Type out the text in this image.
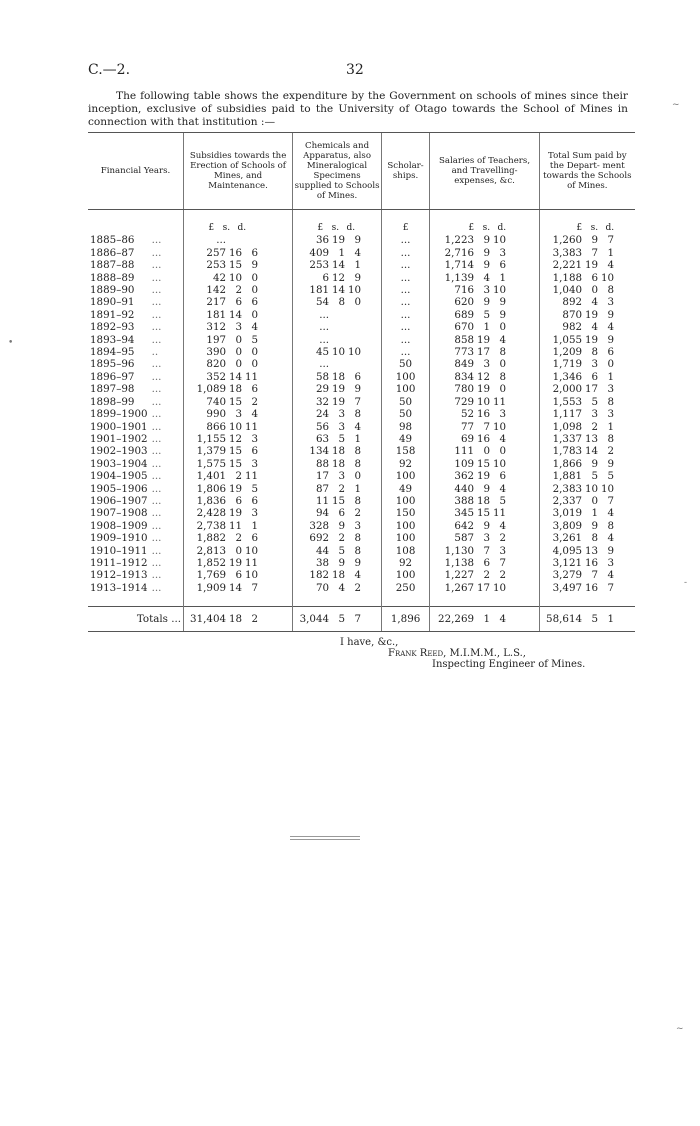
C.—2.	32

The following table shows the expenditure by the Government on schools of mines since their inception, exclusive of subsidies paid to the University of Otago towards the School of Mines in connection with that institution :—

Financial Years.		Subsidies towards the Erection of Schools of Mines, and Maintenance.	Chemicals and Apparatus, also Mineralogical Specimens supplied to Schools of Mines.	Scholar- ships.	Salaries of Teachers, and Travelling- expenses, &c.	Total Sum paid by the Depart- ment towards the Schools of Mines.

		£ s. d.	£ s. d.	£	£ s. d.	£ s. d.
1885–86	...	...	36 19 9	...	1,223 9 10	1,260 9 7
1886–87	...	257 16 6	409 1 4	...	2,716 9 3	3,383 7 1
1887–88	...	253 15 9	253 14 1	...	1,714 9 6	2,221 19 4
1888–89	...	42 10 0	6 12 9	...	1,139 4 1	1,188 6 10
1889–90	...	142 2 0	181 14 10	...	716 3 10	1,040 0 8
1890–91	...	217 6 6	54 8 0	...	620 9 9	892 4 3
1891–92	...	181 14 0	...	...	689 5 9	870 19 9
1892–93	...	312 3 4	...	...	670 1 0	982 4 4
1893–94	...	197 0 5	...	...	858 19 4	1,055 19 9
1894–95	..	390 0 0	45 10 10	...	773 17 8	1,209 8 6
1895–96	...	820 0 0	...	50	849 3 0	1,719 3 0
1896–97	...	352 14 11	58 18 6	100	834 12 8	1,346 6 1
1897–98	...	1,089 18 6	29 19 9	100	780 19 0	2,000 17 3
1898–99	...	740 15 2	32 19 7	50	729 10 11	1,553 5 8
1899–1900	...	990 3 4	24 3 8	50	52 16 3	1,117 3 3
1900–1901	...	866 10 11	56 3 4	98	77 7 10	1,098 2 1
1901–1902	...	1,155 12 3	63 5 1	49	69 16 4	1,337 13 8
1902–1903	...	1,379 15 6	134 18 8	158	111 0 0	1,783 14 2
1903–1904	...	1,575 15 3	88 18 8	92	109 15 10	1,866 9 9
1904–1905	...	1,401 2 11	17 3 0	100	362 19 6	1,881 5 5
1905–1906	...	1,806 19 5	87 2 1	49	440 9 4	2,383 10 10
1906–1907	...	1,836 6 6	11 15 8	100	388 18 5	2,337 0 7
1907–1908	...	2,428 19 3	94 6 2	150	345 15 11	3,019 1 4
1908–1909	...	2,738 11 1	328 9 3	100	642 9 4	3,809 9 8
1909–1910	...	1,882 2 6	692 2 8	100	587 3 2	3,261 8 4
1910–1911	...	2,813 0 10	44 5 8	108	1,130 7 3	4,095 13 9
1911–1912	...	1,852 19 11	38 9 9	92	1,138 6 7	3,121 16 3
1912–1913	...	1,769 6 10	182 18 4	100	1,227 2 2	3,279 7 4
1913–1914	...	1,909 14 7	70 4 2	250	1,267 17 10	3,497 16 7

Totals ...		31,404 18 2	3,044 5 7	1,896	22,269 1 4	58,614 5 1
I have, &c.,
Frank Reed, M.I.M.M., L.S.,
Inspecting Engineer of Mines.
~
•
-
~
